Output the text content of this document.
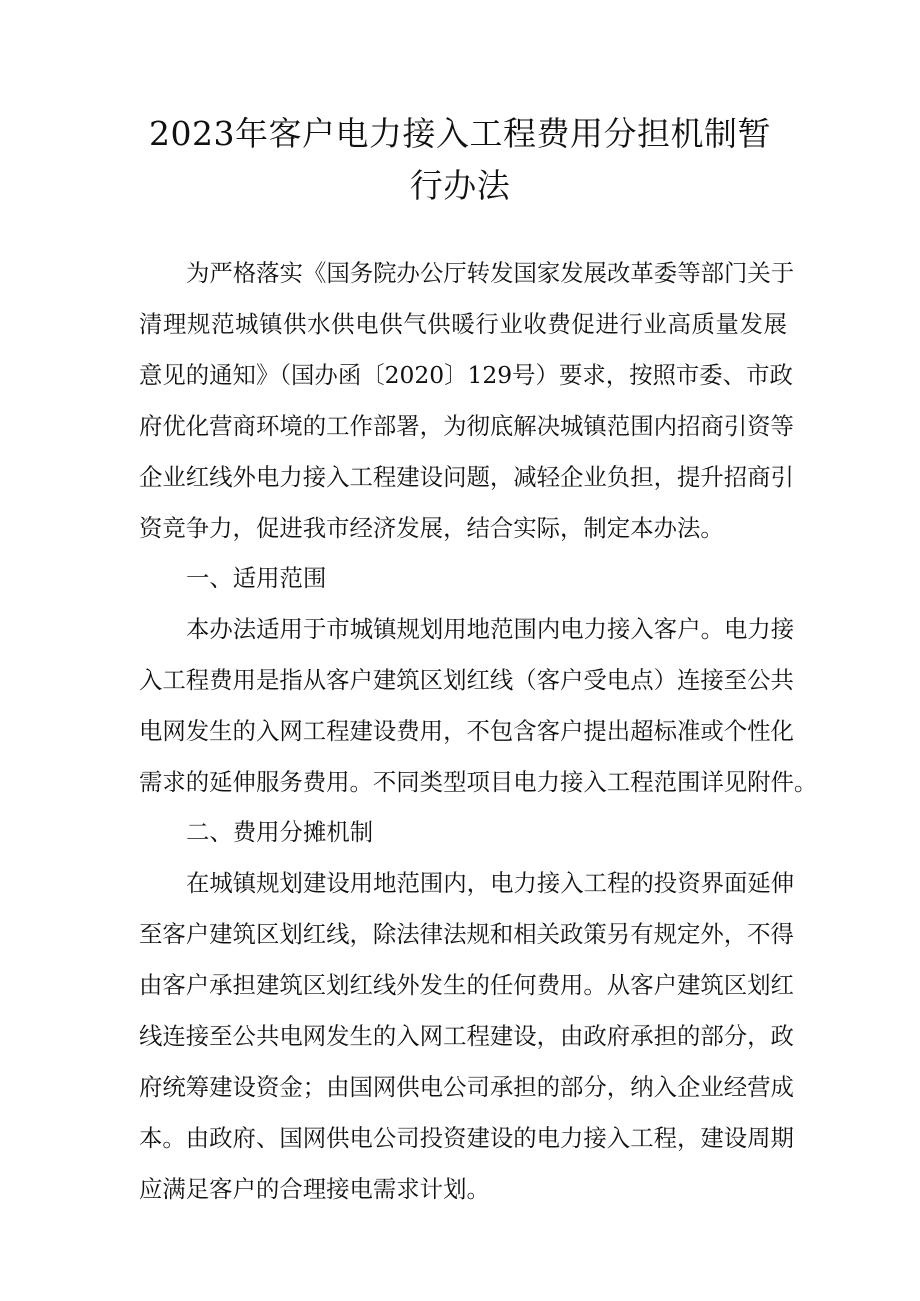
2023年客户电力接入工程费用分担机制暂
行办法

为严格落实《国务院办公厅转发国家发展改革委等部门关于

清理规范城镇供水供电供气供暖行业收费促进行业高质量发展

意见的通知》（国办函〔2020〕129号）要求，按照市委、市政

府优化营商环境的工作部署，为彻底解决城镇范围内招商引资等

企业红线外电力接入工程建设问题，减轻企业负担，提升招商引

资竞争力，促进我市经济发展，结合实际，制定本办法。

一、适用范围

本办法适用于市城镇规划用地范围内电力接入客户。电力接

入工程费用是指从客户建筑区划红线（客户受电点）连接至公共

电网发生的入网工程建设费用，不包含客户提出超标准或个性化

需求的延伸服务费用。不同类型项目电力接入工程范围详见附件。

二、费用分摊机制

在城镇规划建设用地范围内，电力接入工程的投资界面延伸

至客户建筑区划红线，除法律法规和相关政策另有规定外，不得

由客户承担建筑区划红线外发生的任何费用。从客户建筑区划红

线连接至公共电网发生的入网工程建设，由政府承担的部分，政

府统筹建设资金；由国网供电公司承担的部分，纳入企业经营成

本。由政府、国网供电公司投资建设的电力接入工程，建设周期

应满足客户的合理接电需求计划。
